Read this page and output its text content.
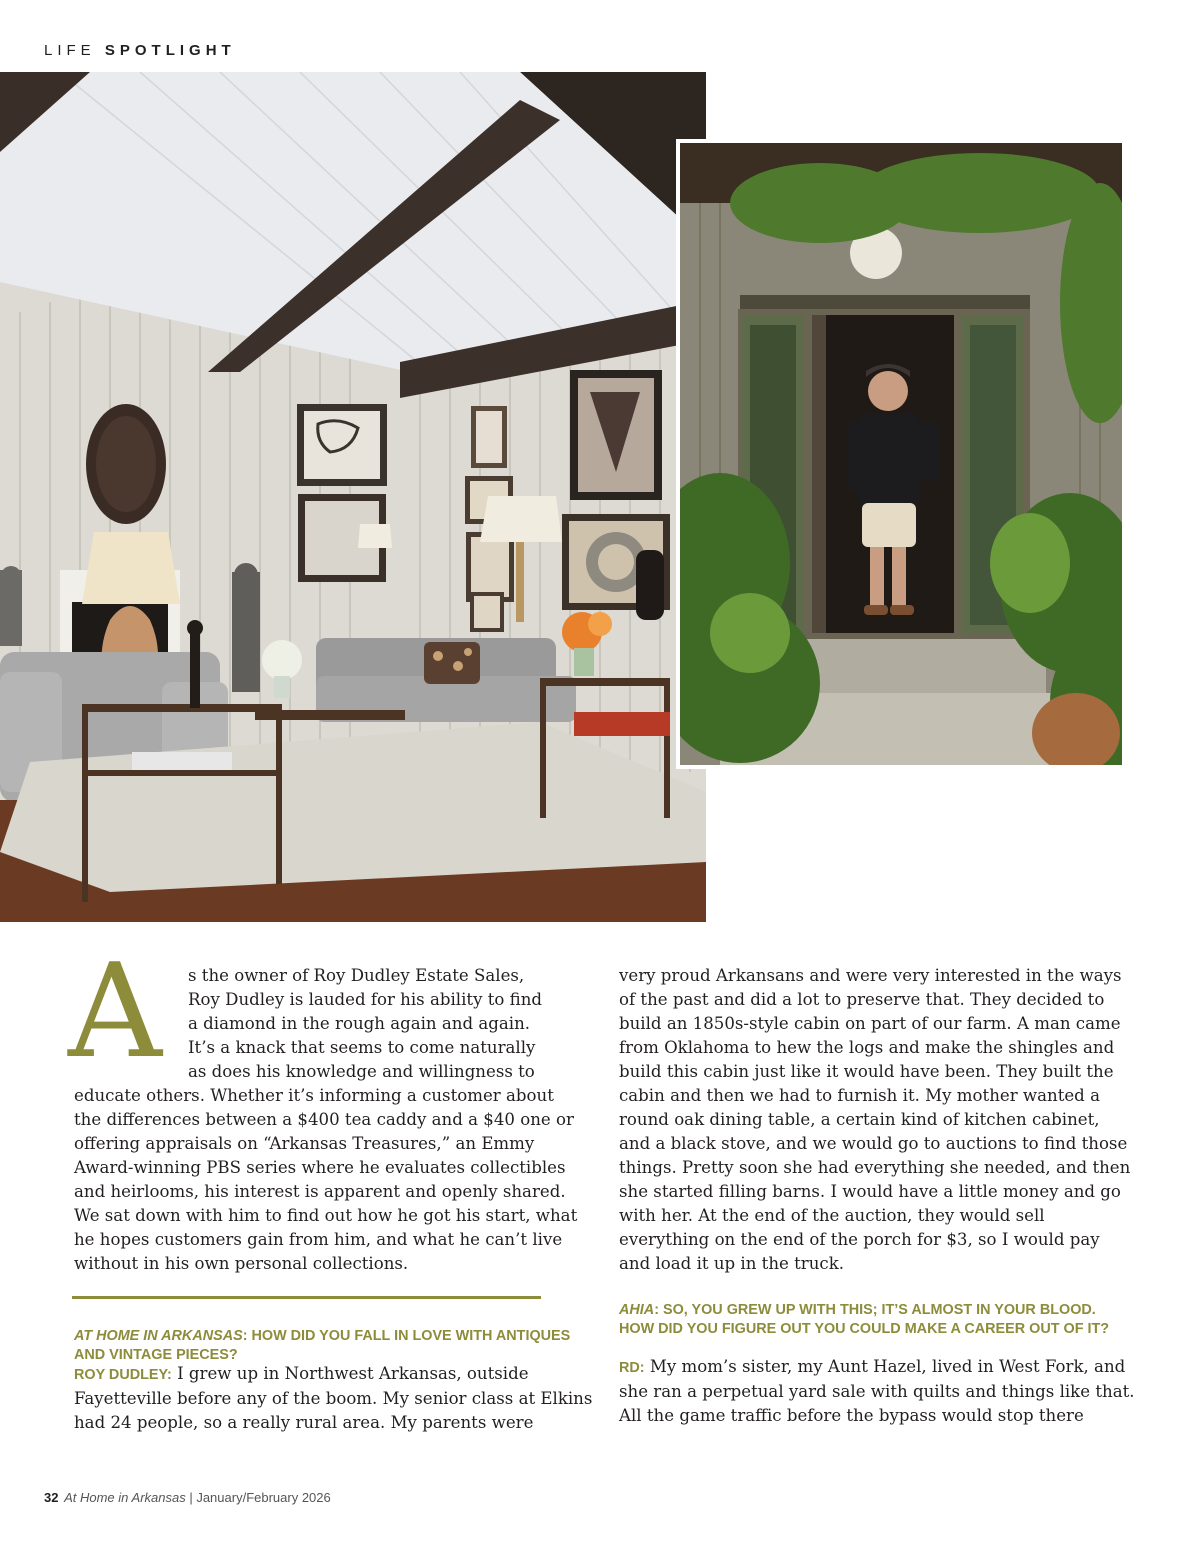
LIFE SPOTLIGHT
A	s the owner of Roy Dudley Estate Sales,
Roy Dudley is lauded for his ability to find
a diamond in the rough again and again.
It’s a knack that seems to come naturally
as does his knowledge and willingness to

educate others. Whether it’s informing a customer about the differences between a $400 tea caddy and a $40 one or offering appraisals on “Arkansas Treasures,” an Emmy Award-winning PBS series where he evaluates collectibles and heirlooms, his interest is apparent and openly shared. We sat down with him to find out how he got his start, what he hopes customers gain from him, and what he can’t live without in his own personal collections.

AT HOME IN ARKANSAS: HOW DID YOU FALL IN LOVE WITH ANTIQUES AND VINTAGE PIECES?
ROY DUDLEY: I grew up in Northwest Arkansas, outside Fayetteville before any of the boom. My senior class at Elkins had 24 people, so a really rural area. My parents were

very proud Arkansans and were very interested in the ways of the past and did a lot to preserve that. They decided to build an 1850s-style cabin on part of our farm. A man came from Oklahoma to hew the logs and make the shingles and build this cabin just like it would have been. They built the cabin and then we had to furnish it. My mother wanted a round oak dining table, a certain kind of kitchen cabinet, and a black stove, and we would go to auctions to find those things. Pretty soon she had everything she needed, and then she started filling barns. I would have a little money and go with her. At the end of the auction, they would sell everything on the end of the porch for $3, so I would pay and load it up in the truck.

AHIA: SO, YOU GREW UP WITH THIS; IT’S ALMOST IN YOUR BLOOD. HOW DID YOU FIGURE OUT YOU COULD MAKE A CAREER OUT OF IT?
RD: My mom’s sister, my Aunt Hazel, lived in West Fork, and she ran a perpetual yard sale with quilts and things like that. All the game traffic before the bypass would stop there
32 At Home in Arkansas | January/February 2026
